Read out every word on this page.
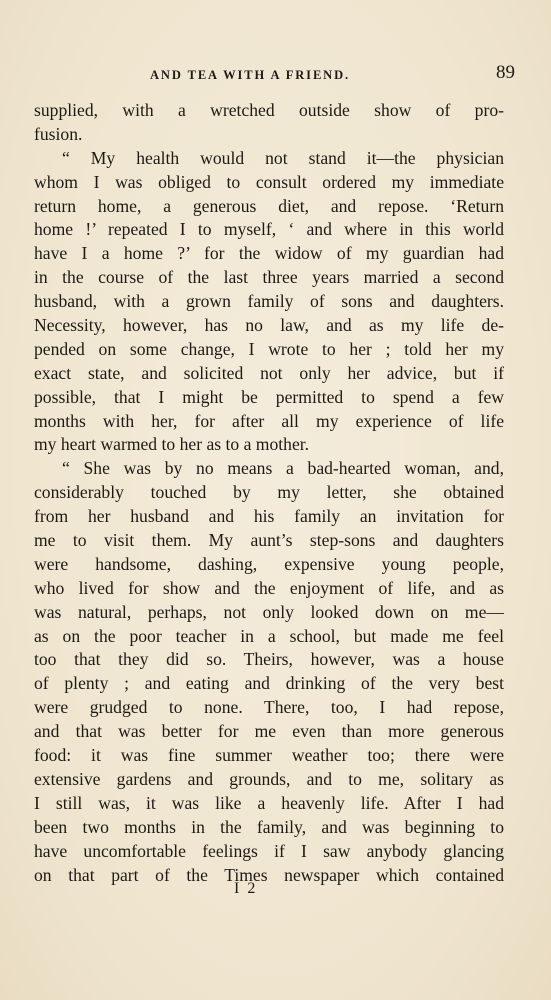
AND TEA WITH A FRIEND.	89
supplied, with a wretched outside show of pro-
fusion.
“ My health would not stand it—the physician
whom I was obliged to consult ordered my immediate
return home, a generous diet, and repose. ‘Return
home !’ repeated I to myself, ‘ and where in this world
have I a home ?’ for the widow of my guardian had
in the course of the last three years married a second
husband, with a grown family of sons and daughters.
Necessity, however, has no law, and as my life de-
pended on some change, I wrote to her ; told her my
exact state, and solicited not only her advice, but if
possible, that I might be permitted to spend a few
months with her, for after all my experience of life
my heart warmed to her as to a mother.
“ She was by no means a bad-hearted woman, and,
considerably touched by my letter, she obtained
from her husband and his family an invitation for
me to visit them. My aunt’s step-sons and daughters
were handsome, dashing, expensive young people,
who lived for show and the enjoyment of life, and as
was natural, perhaps, not only looked down on me—
as on the poor teacher in a school, but made me feel
too that they did so. Theirs, however, was a house
of plenty ; and eating and drinking of the very best
were grudged to none. There, too, I had repose,
and that was better for me even than more generous
food: it was fine summer weather too; there were
extensive gardens and grounds, and to me, solitary as
I still was, it was like a heavenly life. After I had
been two months in the family, and was beginning to
have uncomfortable feelings if I saw anybody glancing
on that part of the Times newspaper which contained
I 2
